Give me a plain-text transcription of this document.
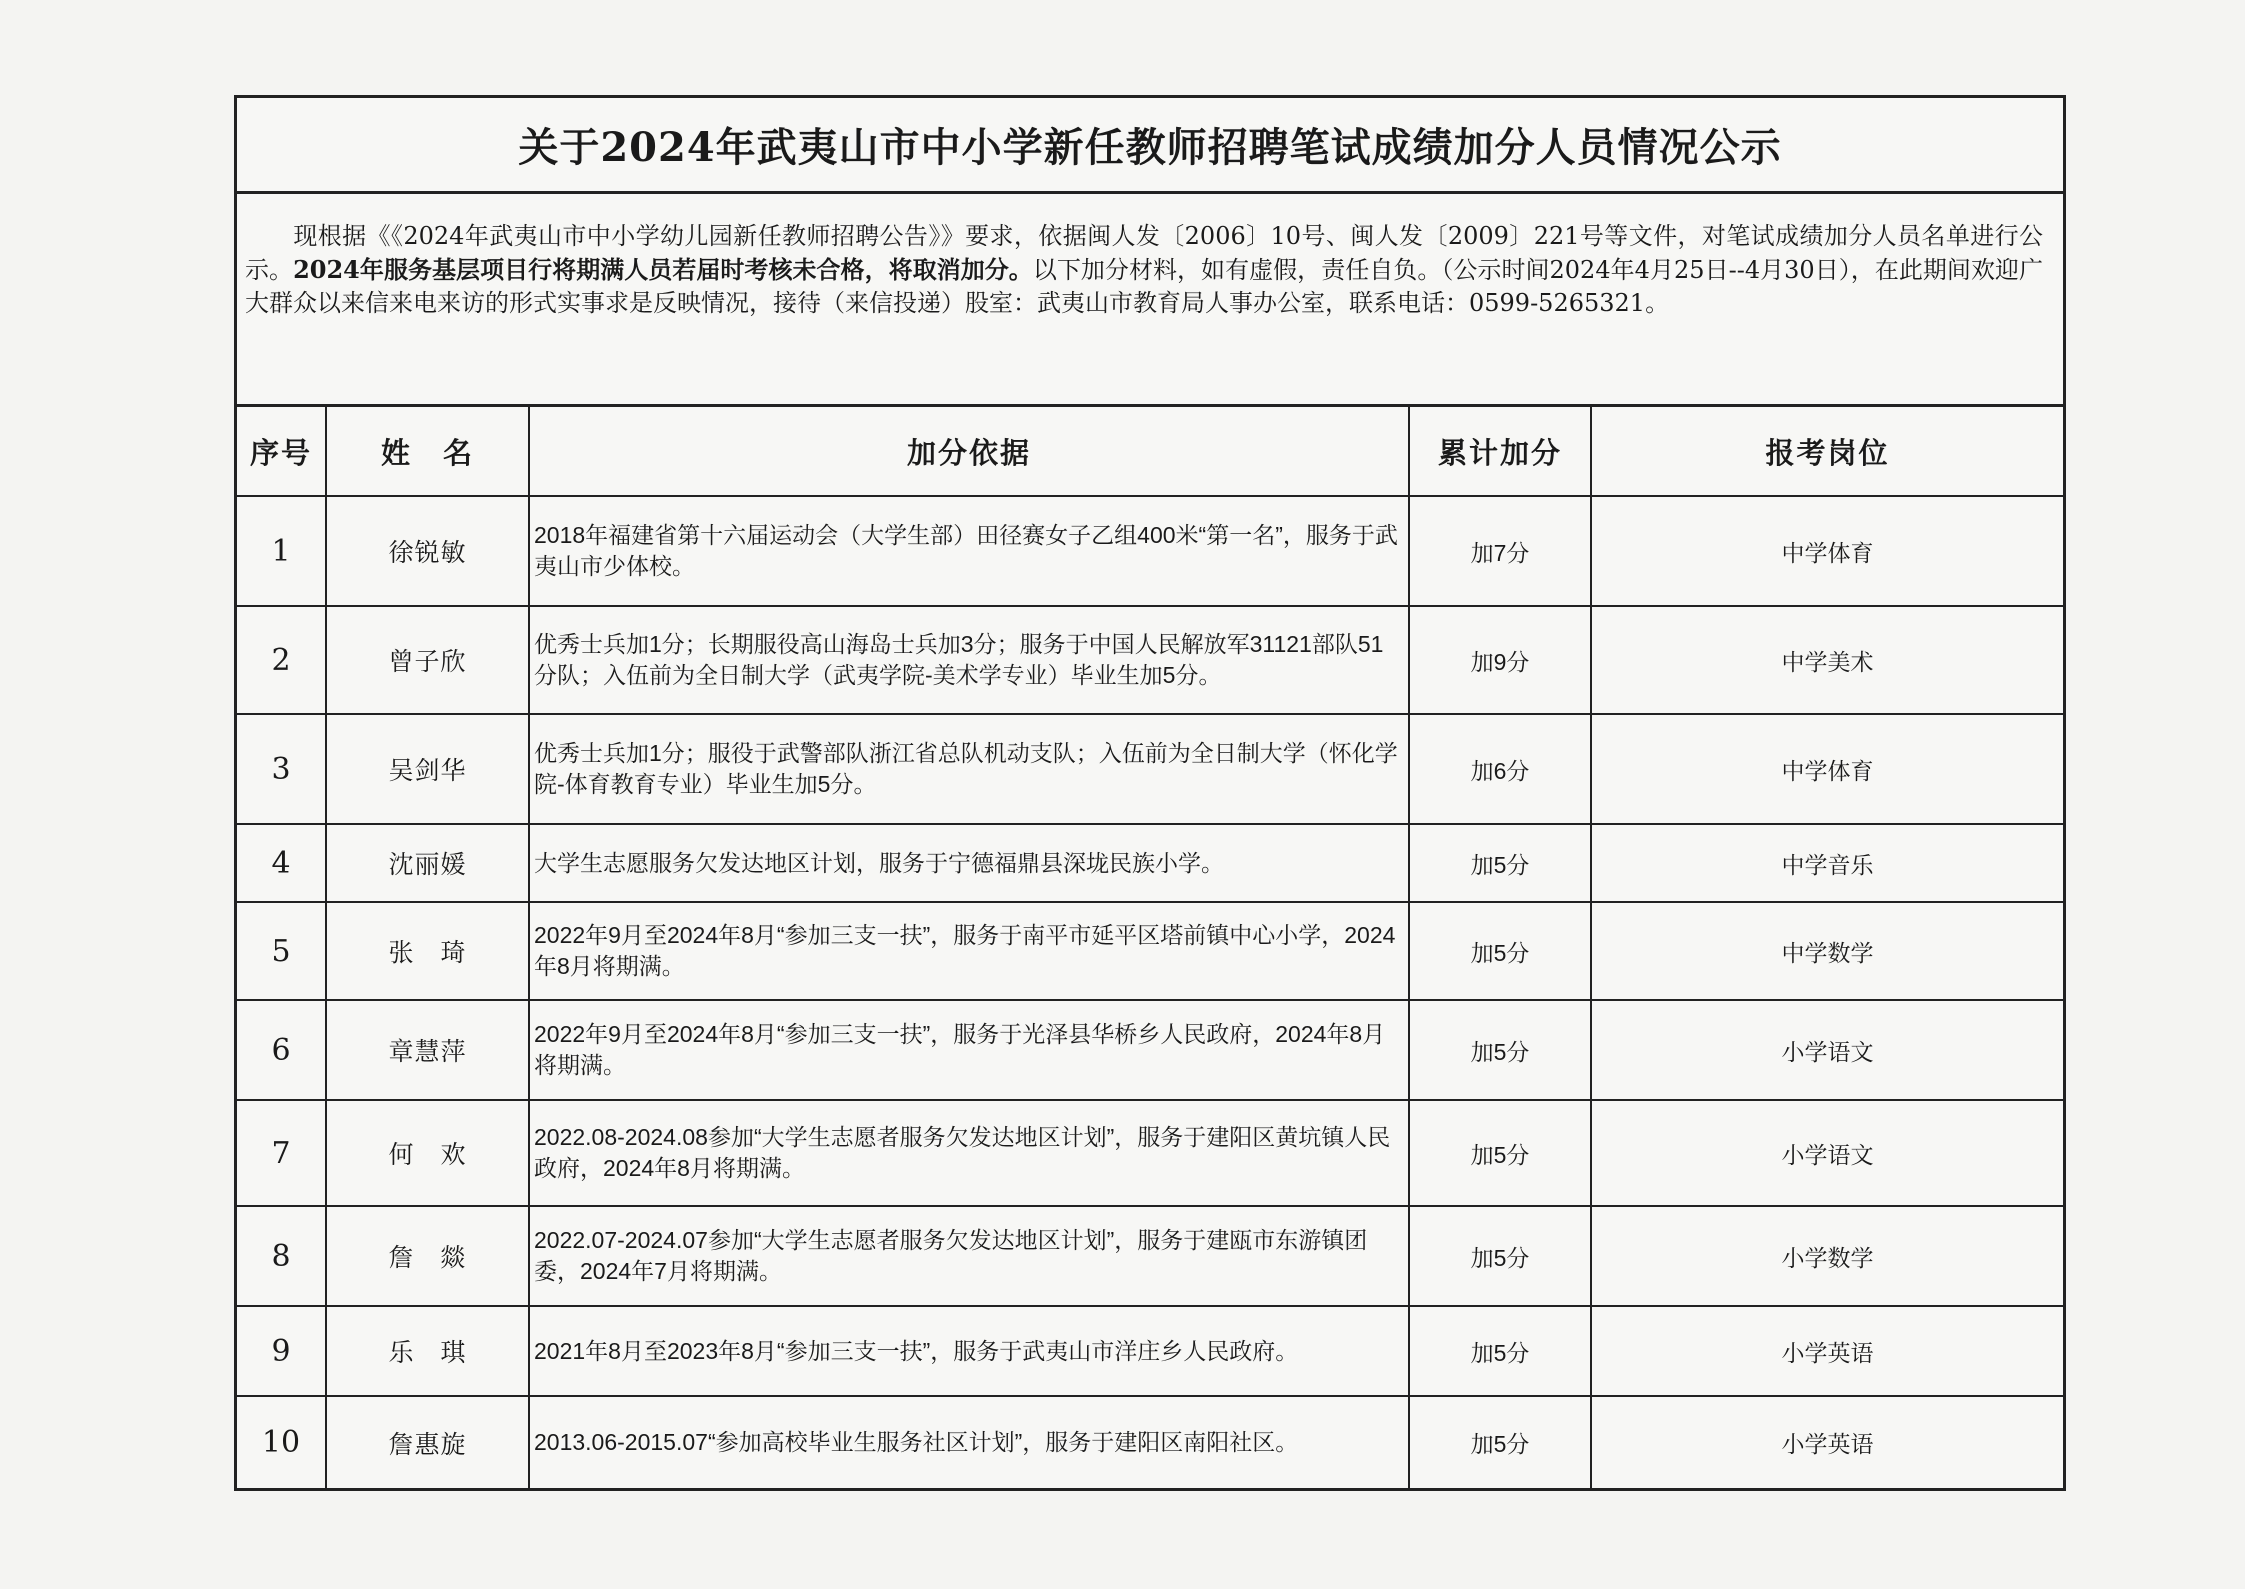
关于2024年武夷山市中小学新任教师招聘笔试成绩加分人员情况公示
现根据《《2024年武夷山市中小学幼儿园新任教师招聘公告》》要求，依据闽人发〔2006〕10号、闽人发〔2009〕221号等文件，对笔试成绩加分人员名单进行公示。2024年服务基层项目行将期满人员若届时考核未合格，将取消加分。以下加分材料，如有虚假，责任自负。（公示时间2024年4月25日--4月30日），在此期间欢迎广大群众以来信来电来访的形式实事求是反映情况，接待（来信投递）股室：武夷山市教育局人事办公室，联系电话：0599-5265321。
序号	姓　名	加分依据	累计加分	报考岗位
1	徐锐敏	2018年福建省第十六届运动会（大学生部）田径赛女子乙组400米“第一名”，服务于武夷山市少体校。	加7分	中学体育
2	曾子欣	优秀士兵加1分；长期服役高山海岛士兵加3分；服务于中国人民解放军31121部队51分队；入伍前为全日制大学（武夷学院-美术学专业）毕业生加5分。	加9分	中学美术
3	吴剑华	优秀士兵加1分；服役于武警部队浙江省总队机动支队；入伍前为全日制大学（怀化学院-体育教育专业）毕业生加5分。	加6分	中学体育
4	沈丽媛	大学生志愿服务欠发达地区计划，服务于宁德福鼎县深垅民族小学。	加5分	中学音乐
5	张　琦	2022年9月至2024年8月“参加三支一扶”，服务于南平市延平区塔前镇中心小学，2024年8月将期满。	加5分	中学数学
6	章慧萍	2022年9月至2024年8月“参加三支一扶”，服务于光泽县华桥乡人民政府，2024年8月将期满。	加5分	小学语文
7	何　欢	2022.08-2024.08参加“大学生志愿者服务欠发达地区计划”，服务于建阳区黄坑镇人民政府，2024年8月将期满。	加5分	小学语文
8	詹　燚	2022.07-2024.07参加“大学生志愿者服务欠发达地区计划”，服务于建瓯市东游镇团委，2024年7月将期满。	加5分	小学数学
9	乐　琪	2021年8月至2023年8月“参加三支一扶”，服务于武夷山市洋庄乡人民政府。	加5分	小学英语
10	詹惠旋	2013.06-2015.07“参加高校毕业生服务社区计划”，服务于建阳区南阳社区。	加5分	小学英语
